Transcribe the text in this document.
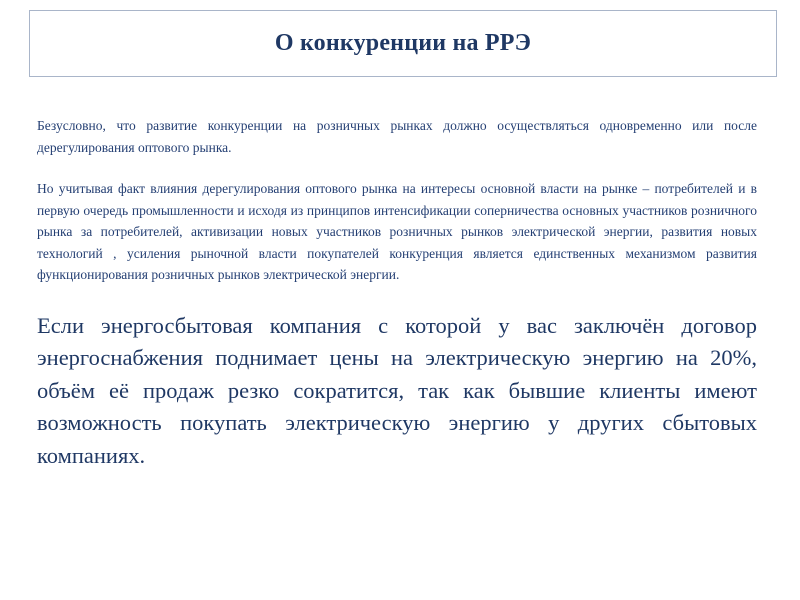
О конкуренции на РРЭ

Безусловно, что развитие конкуренции на розничных рынках должно осуществляться одновременно или после дерегулирования оптового рынка.

Но учитывая факт влияния дерегулирования оптового рынка на интересы основной власти на рынке – потребителей и в первую очередь промышленности и исходя из принципов интенсификации соперничества основных участников розничного рынка за потребителей, активизации новых участников розничных рынков электрической энергии, развития новых технологий , усиления рыночной власти покупателей конкуренция является единственных механизмом развития функционирования розничных рынков электрической энергии.

Если энергосбытовая компания с которой у вас заключён договор энергоснабжения поднимает цены на электрическую энергию на 20%, объём её продаж резко сократится, так как бывшие клиенты имеют возможность покупать электрическую энергию у других сбытовых компаниях.
